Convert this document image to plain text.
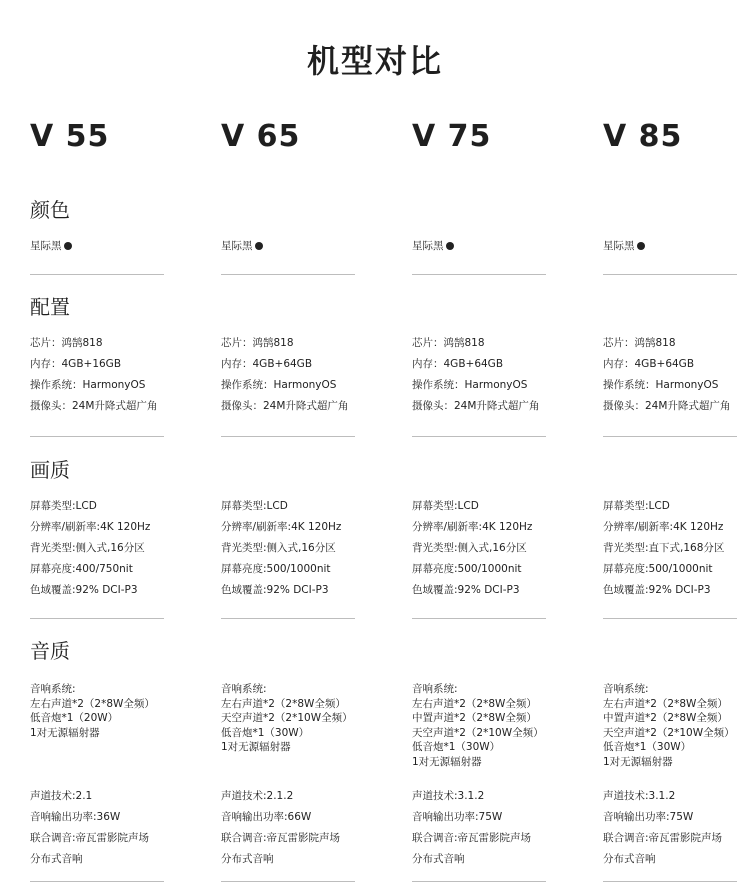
机型对比
颜色
配置
画质
音质
V 55
星际黑
芯片：鸿鹄818
内存：4GB+16GB
操作系统：HarmonyOS
摄像头：24M升降式超广角
屏幕类型:LCD
分辨率/刷新率:4K 120Hz
背光类型:侧入式,16分区
屏幕亮度:400/750nit
色域覆盖:92% DCI-P3
音响系统:
左右声道*2（2*8W全频）
低音炮*1（20W）
1对无源辐射器
声道技术:2.1
音响输出功率:36W
联合调音:帝瓦雷影院声场
分布式音响
V 65
星际黑
芯片：鸿鹄818
内存：4GB+64GB
操作系统：HarmonyOS
摄像头：24M升降式超广角
屏幕类型:LCD
分辨率/刷新率:4K 120Hz
背光类型:侧入式,16分区
屏幕亮度:500/1000nit
色域覆盖:92% DCI-P3
音响系统:
左右声道*2（2*8W全频）
天空声道*2（2*10W全频）
低音炮*1（30W）
1对无源辐射器
声道技术:2.1.2
音响输出功率:66W
联合调音:帝瓦雷影院声场
分布式音响
V 75
星际黑
芯片：鸿鹄818
内存：4GB+64GB
操作系统：HarmonyOS
摄像头：24M升降式超广角
屏幕类型:LCD
分辨率/刷新率:4K 120Hz
背光类型:侧入式,16分区
屏幕亮度:500/1000nit
色域覆盖:92% DCI-P3
音响系统:
左右声道*2（2*8W全频）
中置声道*2（2*8W全频）
天空声道*2（2*10W全频）
低音炮*1（30W）
1对无源辐射器
声道技术:3.1.2
音响输出功率:75W
联合调音:帝瓦雷影院声场
分布式音响
V 85
星际黑
芯片：鸿鹄818
内存：4GB+64GB
操作系统：HarmonyOS
摄像头：24M升降式超广角
屏幕类型:LCD
分辨率/刷新率:4K 120Hz
背光类型:直下式,168分区
屏幕亮度:500/1000nit
色域覆盖:92% DCI-P3
音响系统:
左右声道*2（2*8W全频）
中置声道*2（2*8W全频）
天空声道*2（2*10W全频）
低音炮*1（30W）
1对无源辐射器
声道技术:3.1.2
音响输出功率:75W
联合调音:帝瓦雷影院声场
分布式音响
